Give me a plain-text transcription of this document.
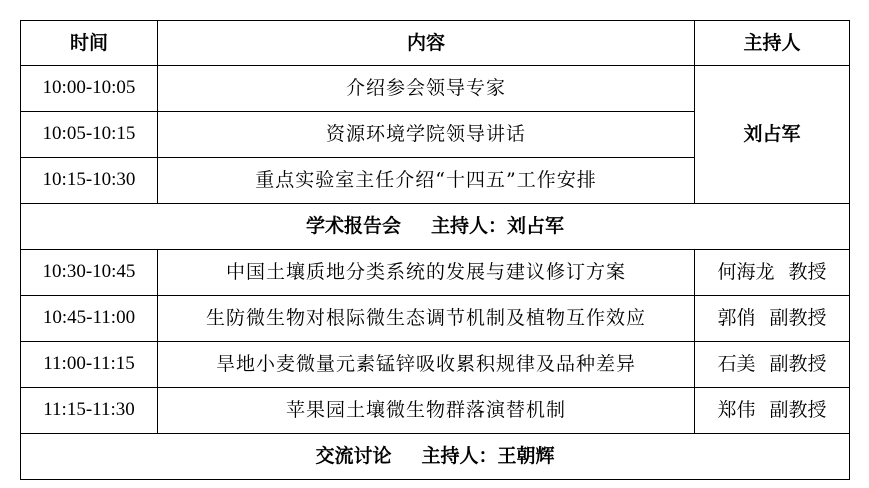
时间	内容	主持人
10:00-10:05	介绍参会领导专家	刘占军
10:05-10:15	资源环境学院领导讲话	
10:15-10:30	重点实验室主任介绍“十四五”工作安排	
学术报告会 主持人：刘占军		
10:30-10:45	中国土壤质地分类系统的发展与建议修订方案	何海龙 教授
10:45-11:00	生防微生物对根际微生态调节机制及植物互作效应	郭俏 副教授
11:00-11:15	旱地小麦微量元素锰锌吸收累积规律及品种差异	石美 副教授
11:15-11:30	苹果园土壤微生物群落演替机制	郑伟 副教授
交流讨论 主持人：王朝辉		
